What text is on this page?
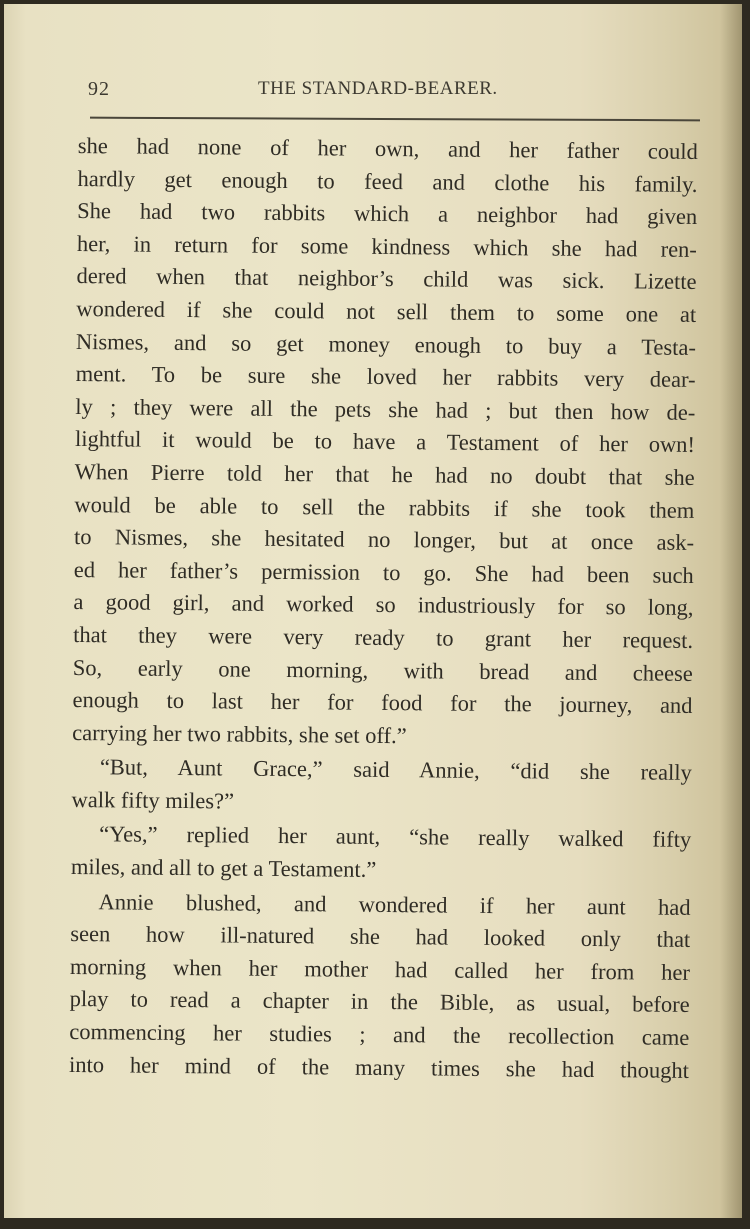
92	THE STANDARD-BEARER.
she had none of her own, and her father could
hardly get enough to feed and clothe his family.
She had two rabbits which a neighbor had given
her, in return for some kindness which she had ren-
dered when that neighbor’s child was sick. Lizette
wondered if she could not sell them to some one at
Nismes, and so get money enough to buy a Testa-
ment. To be sure she loved her rabbits very dear-
ly ; they were all the pets she had ; but then how de-
lightful it would be to have a Testament of her own!
When Pierre told her that he had no doubt that she
would be able to sell the rabbits if she took them
to Nismes, she hesitated no longer, but at once ask-
ed her father’s permission to go. She had been such
a good girl, and worked so industriously for so long,
that they were very ready to grant her request.
So, early one morning, with bread and cheese
enough to last her for food for the journey, and
carrying her two rabbits, she set off.”
“But, Aunt Grace,” said Annie, “did she really
walk fifty miles?”
“Yes,” replied her aunt, “she really walked fifty
miles, and all to get a Testament.”
Annie blushed, and wondered if her aunt had
seen how ill-natured she had looked only that
morning when her mother had called her from her
play to read a chapter in the Bible, as usual, before
commencing her studies ; and the recollection came
into her mind of the many times she had thought
